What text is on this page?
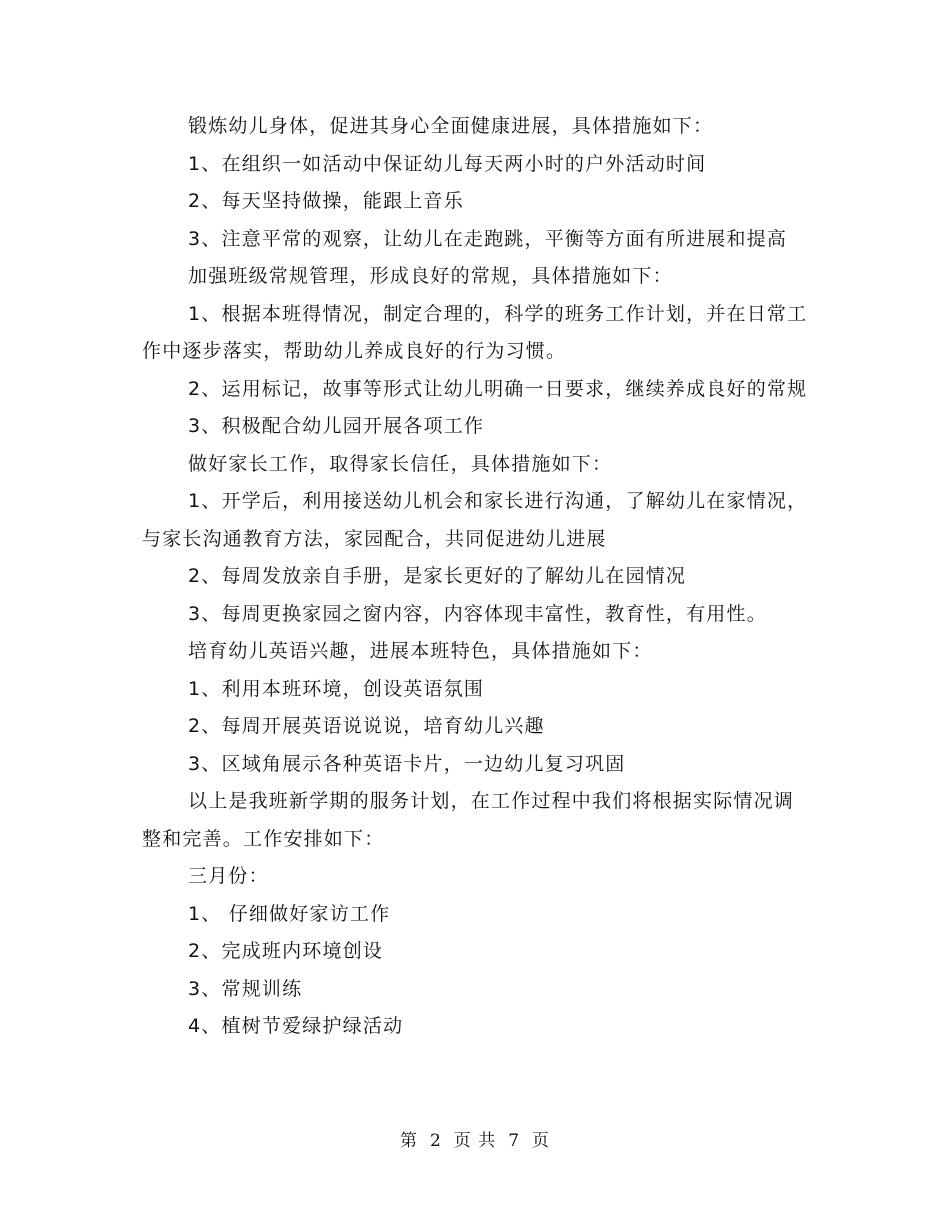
锻炼幼儿身体，促进其身心全面健康进展，具体措施如下：

1、在组织一如活动中保证幼儿每天两小时的户外活动时间

2、每天坚持做操，能跟上音乐

3、注意平常的观察，让幼儿在走跑跳，平衡等方面有所进展和提高

加强班级常规管理，形成良好的常规，具体措施如下：

1、根据本班得情况，制定合理的，科学的班务工作计划，并在日常工作中逐步落实，帮助幼儿养成良好的行为习惯。

2、运用标记，故事等形式让幼儿明确一日要求，继续养成良好的常规

3、积极配合幼儿园开展各项工作

做好家长工作，取得家长信任，具体措施如下：

1、开学后，利用接送幼儿机会和家长进行沟通，了解幼儿在家情况，与家长沟通教育方法，家园配合，共同促进幼儿进展

2、每周发放亲自手册，是家长更好的了解幼儿在园情况

3、每周更换家园之窗内容，内容体现丰富性，教育性，有用性。

培育幼儿英语兴趣，进展本班特色，具体措施如下：

1、利用本班环境，创设英语氛围

2、每周开展英语说说说，培育幼儿兴趣

3、区域角展示各种英语卡片，一边幼儿复习巩固

以上是我班新学期的服务计划，在工作过程中我们将根据实际情况调整和完善。工作安排如下：

三月份：

1、 仔细做好家访工作

2、完成班内环境创设

3、常规训练

4、植树节爱绿护绿活动

第 2 页 共 7 页
